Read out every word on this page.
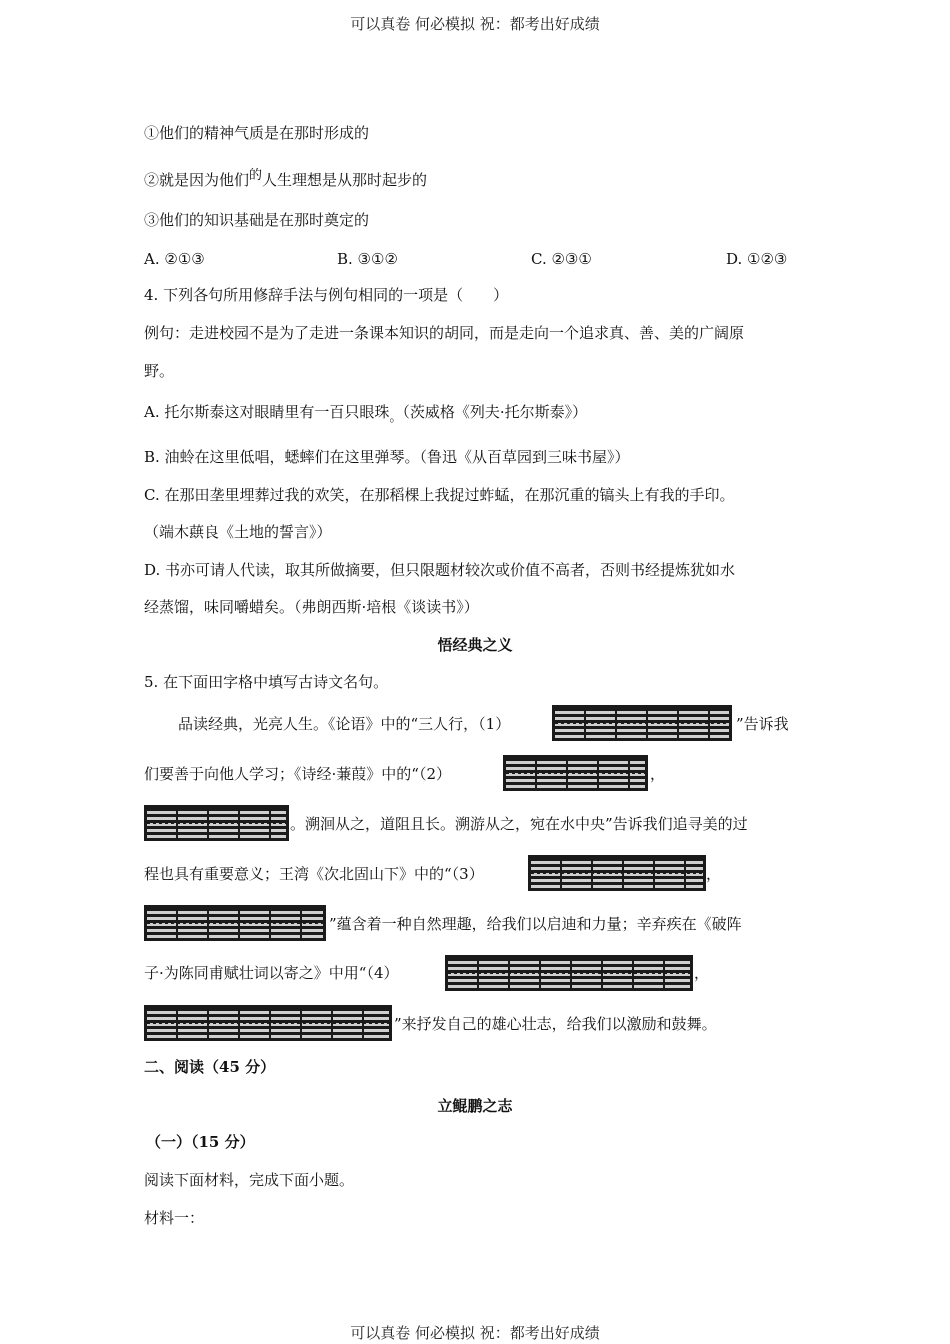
可以真卷 何必模拟 祝：都考出好成绩
①他们的精神气质是在那时形成的
②就是因为他们的人生理想是从那时起步的
③他们的知识基础是在那时奠定的
A. ②①③	B. ③①②	C. ②③①	D. ①②③
4. 下列各句所用修辞手法与例句相同的一项是（　　）
例句：走进校园不是为了走进一条课本知识的胡同，而是走向一个追求真、善、美的广阔原
野。
A. 托尔斯泰这对眼睛里有一百只眼珠。（茨威格《列夫·托尔斯泰》）
B. 油蛉在这里低唱，蟋蟀们在这里弹琴。（鲁迅《从百草园到三味书屋》）
C. 在那田垄里埋葬过我的欢笑，在那稻棵上我捉过蚱蜢，在那沉重的镐头上有我的手印。
（端木蕻良《土地的誓言》）
D. 书亦可请人代读，取其所做摘要，但只限题材较次或价值不高者，否则书经提炼犹如水
经蒸馏，味同嚼蜡矣。（弗朗西斯·培根《谈读书》）
悟经典之义
5. 在下面田字格中填写古诗文名句。
品读经典，光亮人生。《论语》中的“三人行，（1）	”告诉我
们要善于向他人学习；《诗经·蒹葭》中的“（2）	，
。溯洄从之，道阻且长。溯游从之，宛在水中央”告诉我们追寻美的过
程也具有重要意义；王湾《次北固山下》中的“（3）	，
”蕴含着一种自然理趣，给我们以启迪和力量；辛弃疾在《破阵
子·为陈同甫赋壮词以寄之》中用“（4）	，
”来抒发自己的雄心壮志，给我们以激励和鼓舞。
二、阅读（45 分）
立鲲鹏之志
（一）（15 分）
阅读下面材料，完成下面小题。
材料一：
可以真卷 何必模拟 祝：都考出好成绩
